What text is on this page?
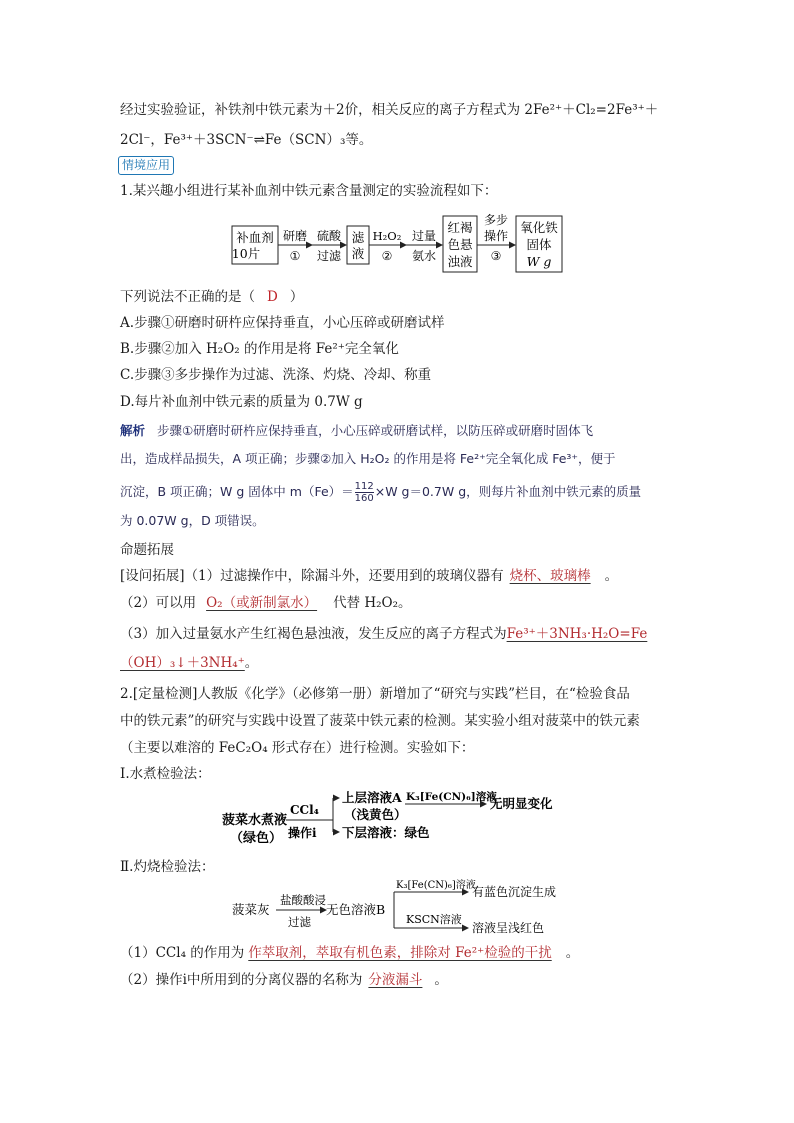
经过实验验证，补铁剂中铁元素为＋2价，相关反应的离子方程式为 2Fe²⁺＋Cl₂=2Fe³⁺＋
2Cl⁻，Fe³⁺＋3SCN⁻⇌Fe（SCN）₃等。
情境应用
1.某兴趣小组进行某补血剂中铁元素含量测定的实验流程如下：
补血剂
10片
研磨
①
硫酸
过滤
滤
液
H₂O₂
②
过量
氨水
红褐
色悬
浊液
多步
操作
③
氧化铁
固体
W g
下列说法不正确的是（ D ）
A.步骤①研磨时研杵应保持垂直，小心压碎或研磨试样
B.步骤②加入 H₂O₂ 的作用是将 Fe²⁺完全氧化
C.步骤③多步操作为过滤、洗涤、灼烧、冷却、称重
D.每片补血剂中铁元素的质量为 0.7W g
解析 步骤①研磨时研杵应保持垂直，小心压碎或研磨试样，以防压碎或研磨时固体飞
出，造成样品损失，A 项正确；步骤②加入 H₂O₂ 的作用是将 Fe²⁺完全氧化成 Fe³⁺，便于
沉淀，B 项正确；W g 固体中 $m(Fe)= \frac{112}{160} \times W$ g＝0.7W g，则每片补血剂中铁元素的质量
为 0.07W g，D 项错误。
命题拓展
[设问拓展]（1）过滤操作中，除漏斗外，还要用到的玻璃仪器有 烧杯、玻璃棒 。
（2）可以用 O₂（或新制氯水） 代替 H₂O₂。
（3）加入过量氨水产生红褐色悬浊液，发生反应的离子方程式为Fe³⁺＋3NH₃·H₂O=Fe
（OH）₃↓＋3NH₄⁺。
2.[定量检测]人教版《化学》（必修第一册）新增加了“研究与实践”栏目，在“检验食品
中的铁元素”的研究与实践中设置了菠菜中铁元素的检测。某实验小组对菠菜中的铁元素
（主要以难溶的 FeC₂O₄ 形式存在）进行检测。实验如下：
Ⅰ.水煮检验法：
菠菜水煮液
（绿色）
CCl₄
操作ⅰ
上层溶液A
（浅黄色）
K₃[Fe(CN)₆]溶液
无明显变化
下层溶液：绿色
Ⅱ.灼烧检验法：
菠菜灰
盐酸酸浸
过滤
无色溶液B
K₃[Fe(CN)₆]溶液
有蓝色沉淀生成
KSCN溶液
溶液呈浅红色
（1）CCl₄ 的作用为 作萃取剂，萃取有机色素，排除对 Fe²⁺检验的干扰 。
（2）操作ⅰ中所用到的分离仪器的名称为 分液漏斗 。
